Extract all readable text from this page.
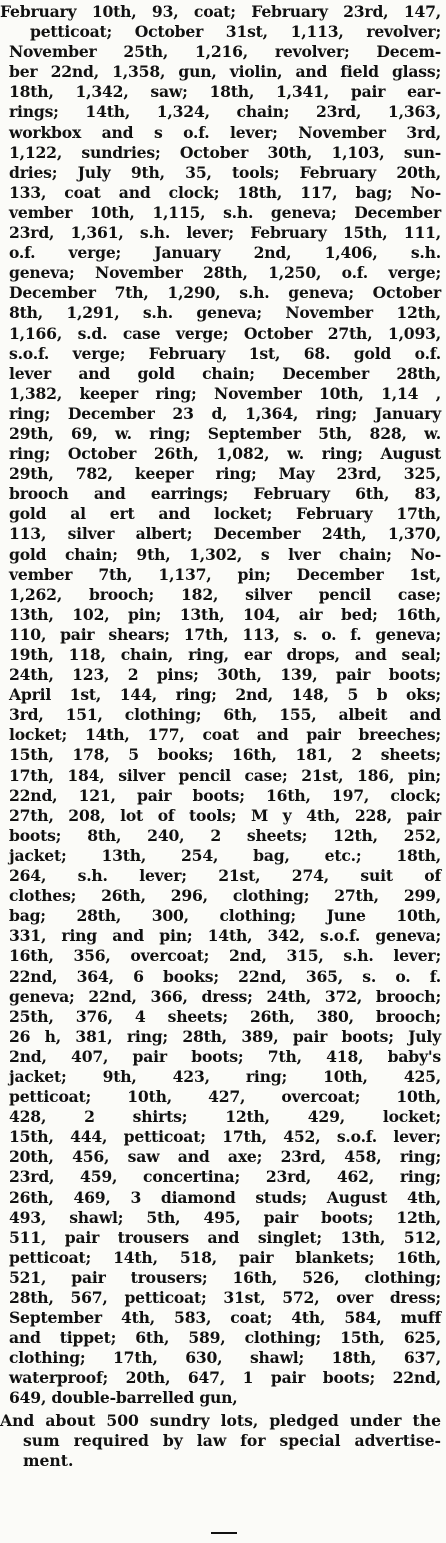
February 10th, 93, coat; February 23rd, 147,
petticoat; October 31st, 1,113, revolver;
November 25th, 1,216, revolver; Decem-
ber 22nd, 1,358, gun, violin, and field glass;
18th, 1,342, saw; 18th, 1,341, pair ear-
rings; 14th, 1,324, chain; 23rd, 1,363,
workbox and s o.f. lever; November 3rd,
1,122, sundries; October 30th, 1,103, sun-
dries; July 9th, 35, tools; February 20th,
133, coat and clock; 18th, 117, bag; No-
vember 10th, 1,115, s.h. geneva; December
23rd, 1,361, s.h. lever; February 15th, 111,
o.f. verge; January 2nd, 1,406, s.h.
geneva; November 28th, 1,250, o.f. verge;
December 7th, 1,290, s.h. geneva; October
8th, 1,291, s.h. geneva; November 12th,
1,166, s.d. case verge; October 27th, 1,093,
s.o.f. verge; February 1st, 68. gold o.f.
lever and gold chain; December 28th,
1,382, keeper ring; November 10th, 1,14 ,
ring; December 23 d, 1,364, ring; January
29th, 69, w. ring; September 5th, 828, w.
ring; October 26th, 1,082, w. ring; August
29th, 782, keeper ring; May 23rd, 325,
brooch and earrings; February 6th, 83,
gold al ert and locket; February 17th,
113, silver albert; December 24th, 1,370,
gold chain; 9th, 1,302, s lver chain; No-
vember 7th, 1,137, pin; December 1st,
1,262, brooch; 182, silver pencil case;
13th, 102, pin; 13th, 104, air bed; 16th,
110, pair shears; 17th, 113, s. o. f. geneva;
19th, 118, chain, ring, ear drops, and seal;
24th, 123, 2 pins; 30th, 139, pair boots;
April 1st, 144, ring; 2nd, 148, 5 b oks;
3rd, 151, clothing; 6th, 155, albeit and
locket; 14th, 177, coat and pair breeches;
15th, 178, 5 books; 16th, 181, 2 sheets;
17th, 184, silver pencil case; 21st, 186, pin;
22nd, 121, pair boots; 16th, 197, clock;
27th, 208, lot of tools; M y 4th, 228, pair
boots; 8th, 240, 2 sheets; 12th, 252,
jacket; 13th, 254, bag, etc.; 18th,
264, s.h. lever; 21st, 274, suit of
clothes; 26th, 296, clothing; 27th, 299,
bag; 28th, 300, clothing; June 10th,
331, ring and pin; 14th, 342, s.o.f. geneva;
16th, 356, overcoat; 2nd, 315, s.h. lever;
22nd, 364, 6 books; 22nd, 365, s. o. f.
geneva; 22nd, 366, dress; 24th, 372, brooch;
25th, 376, 4 sheets; 26th, 380, brooch;
26 h, 381, ring; 28th, 389, pair boots; July
2nd, 407, pair boots; 7th, 418, baby's
jacket; 9th, 423, ring; 10th, 425,
petticoat; 10th, 427, overcoat; 10th,
428, 2 shirts; 12th, 429, locket;
15th, 444, petticoat; 17th, 452, s.o.f. lever;
20th, 456, saw and axe; 23rd, 458, ring;
23rd, 459, concertina; 23rd, 462, ring;
26th, 469, 3 diamond studs; August 4th,
493, shawl; 5th, 495, pair boots; 12th,
511, pair trousers and singlet; 13th, 512,
petticoat; 14th, 518, pair blankets; 16th,
521, pair trousers; 16th, 526, clothing;
28th, 567, petticoat; 31st, 572, over dress;
September 4th, 583, coat; 4th, 584, muff
and tippet; 6th, 589, clothing; 15th, 625,
clothing; 17th, 630, shawl; 18th, 637,
waterproof; 20th, 647, 1 pair boots; 22nd,
649, double-barrelled gun,
And about 500 sundry lots, pledged under the
sum required by law for special advertise-
ment.
